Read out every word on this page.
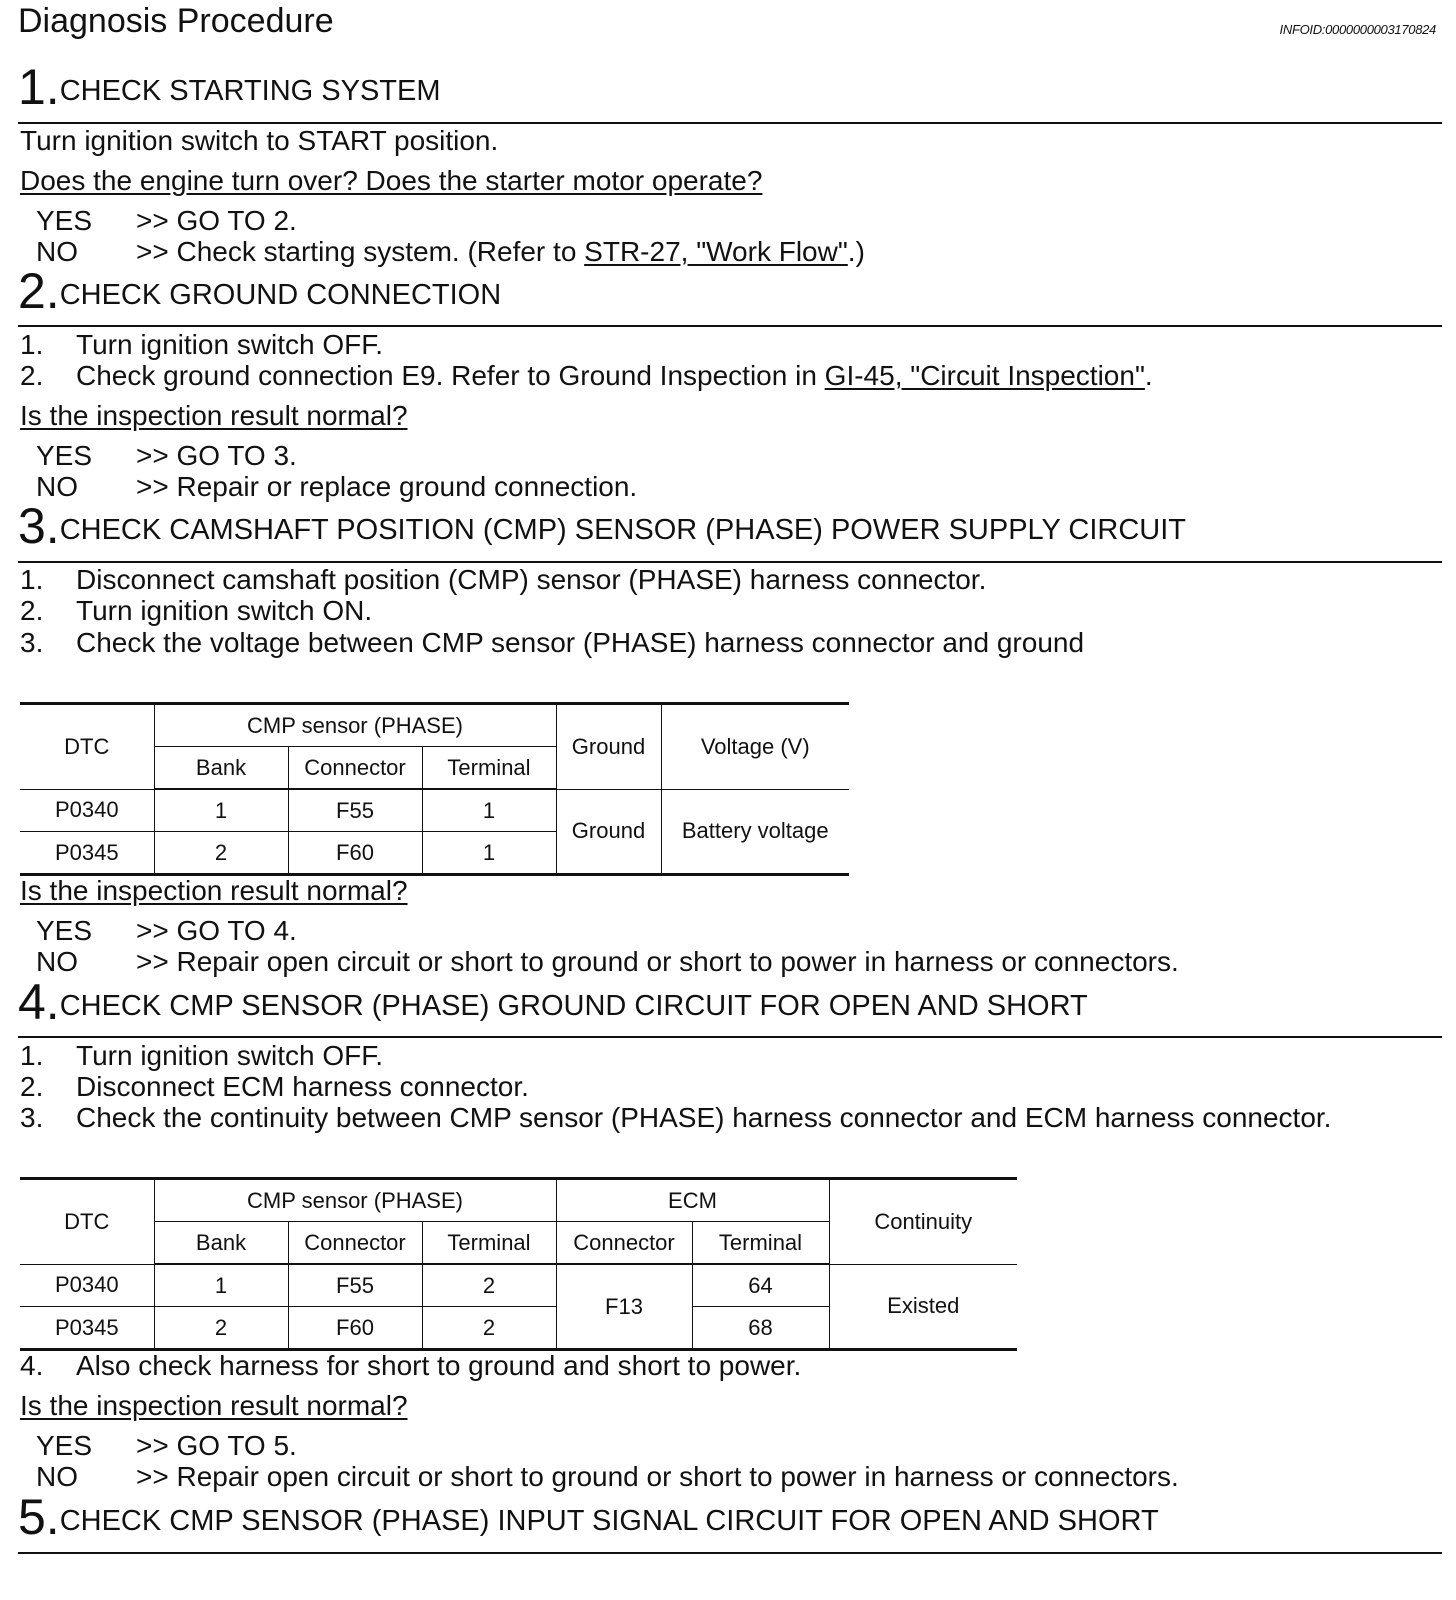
Diagnosis Procedure	INFOID:0000000003170824
1.CHECK STARTING SYSTEM
Turn ignition switch to START position.
Does the engine turn over? Does the starter motor operate?
YES >> GO TO 2.
NO >> Check starting system. (Refer to STR-27, "Work Flow".)
2.CHECK GROUND CONNECTION
1. Turn ignition switch OFF.
2. Check ground connection E9. Refer to Ground Inspection in GI-45, "Circuit Inspection".
Is the inspection result normal?
YES >> GO TO 3.
NO >> Repair or replace ground connection.
3.CHECK CAMSHAFT POSITION (CMP) SENSOR (PHASE) POWER SUPPLY CIRCUIT
1. Disconnect camshaft position (CMP) sensor (PHASE) harness connector.
2. Turn ignition switch ON.
3. Check the voltage between CMP sensor (PHASE) harness connector and ground
DTC	CMP sensor (PHASE)			Ground	Voltage (V)
	Bank	Connector	Terminal		
P0340	1	F55	1	Ground	Battery voltage
P0345	2	F60	1		
Is the inspection result normal?
YES >> GO TO 4.
NO >> Repair open circuit or short to ground or short to power in harness or connectors.
4.CHECK CMP SENSOR (PHASE) GROUND CIRCUIT FOR OPEN AND SHORT
1. Turn ignition switch OFF.
2. Disconnect ECM harness connector.
3. Check the continuity between CMP sensor (PHASE) harness connector and ECM harness connector.
DTC	CMP sensor (PHASE)			ECM		Continuity
	Bank	Connector	Terminal	Connector	Terminal	
P0340	1	F55	2	F13	64	Existed
P0345	2	F60	2		68	
4. Also check harness for short to ground and short to power.
Is the inspection result normal?
YES >> GO TO 5.
NO >> Repair open circuit or short to ground or short to power in harness or connectors.
5.CHECK CMP SENSOR (PHASE) INPUT SIGNAL CIRCUIT FOR OPEN AND SHORT
